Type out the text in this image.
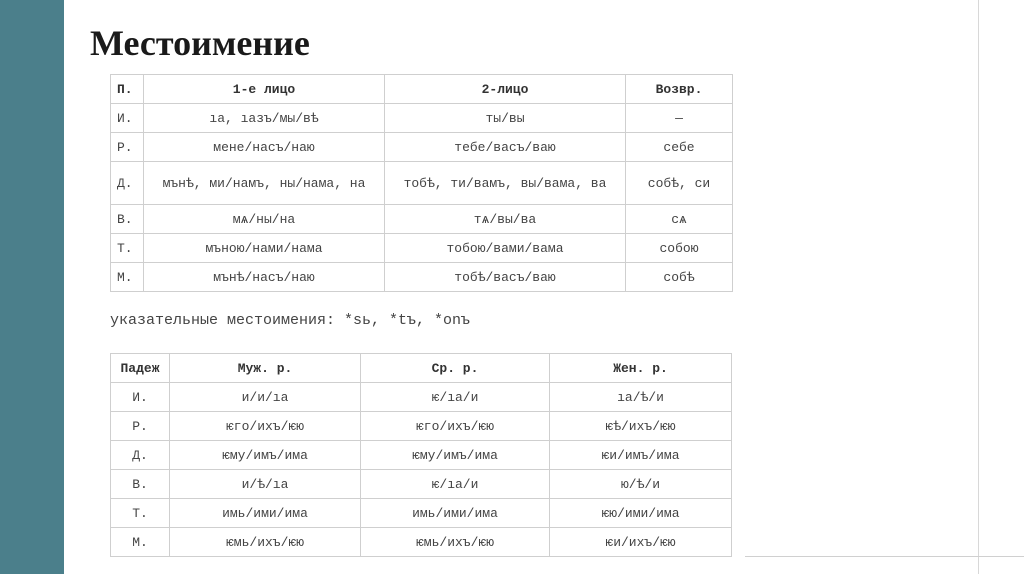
Местоимение
П.	1-е лицо	2-лицо	Возвр.
И.	ıа, ıазъ/мы/вѣ	ты/вы	—
Р.	мене/насъ/наю	тебе/васъ/ваю	себе
Д.	мънѣ, ми/намъ, ны/нама, на	тобѣ, ти/вамъ, вы/вама, ва	собѣ, си
В.	мѧ/ны/на	тѧ/вы/ва	сѧ
Т.	мъною/нами/нама	тобою/вами/вама	собою
М.	мънѣ/насъ/наю	тобѣ/васъ/ваю	собѣ

указательные местоимения: *sь, *tъ, *onъ

Падеж	Муж. р.	Ср. р.	Жен. р.
И.	и/и/ıа	ѥ/ıа/и	ıа/ѣ/и
Р.	ѥго/ихъ/ѥю	ѥго/ихъ/ѥю	ѥѣ/ихъ/ѥю
Д.	ѥму/имъ/има	ѥму/имъ/има	ѥи/имъ/има
В.	и/ѣ/ıа	ѥ/ıа/и	ю/ѣ/и
Т.	имь/ими/има	имь/ими/има	ѥю/ими/има
М.	ѥмь/ихъ/ѥю	ѥмь/ихъ/ѥю	ѥи/ихъ/ѥю
